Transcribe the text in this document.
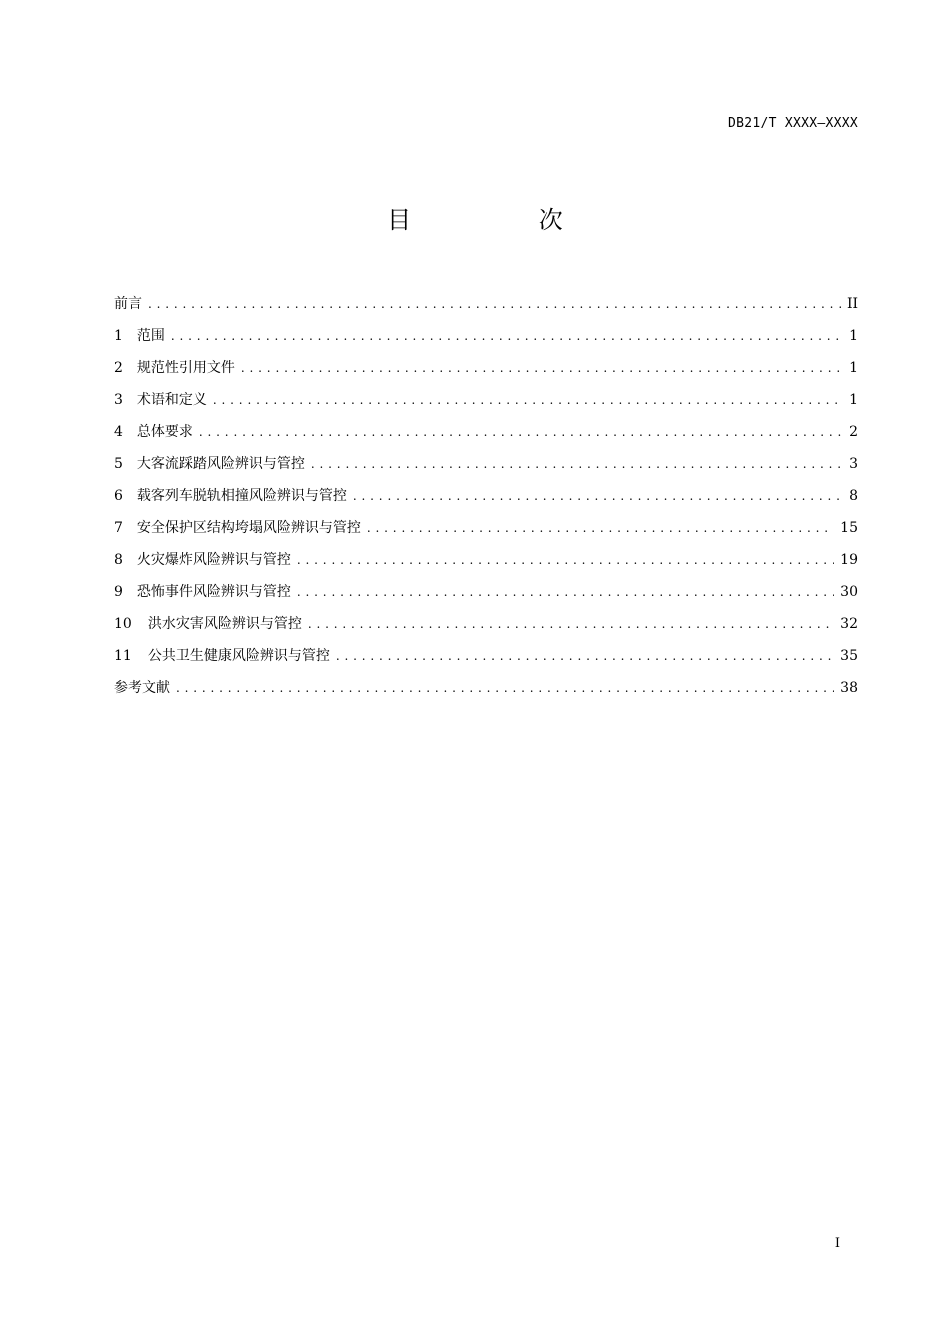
DB21/T XXXX—XXXX
目 次
前言 . . .	II
1 范围 . . .	1
2 规范性引用文件 . . .	1
3 术语和定义 . . .	1
4 总体要求 . . .	2
5 大客流踩踏风险辨识与管控 . . .	3
6 载客列车脱轨相撞风险辨识与管控 . . .	8
7 安全保护区结构垮塌风险辨识与管控 . . .	15
8 火灾爆炸风险辨识与管控 . . .	19
9 恐怖事件风险辨识与管控 . . .	30
10 洪水灾害风险辨识与管控 . . .	32
11 公共卫生健康风险辨识与管控 . . .	35
参考文献 . . .	38
I
